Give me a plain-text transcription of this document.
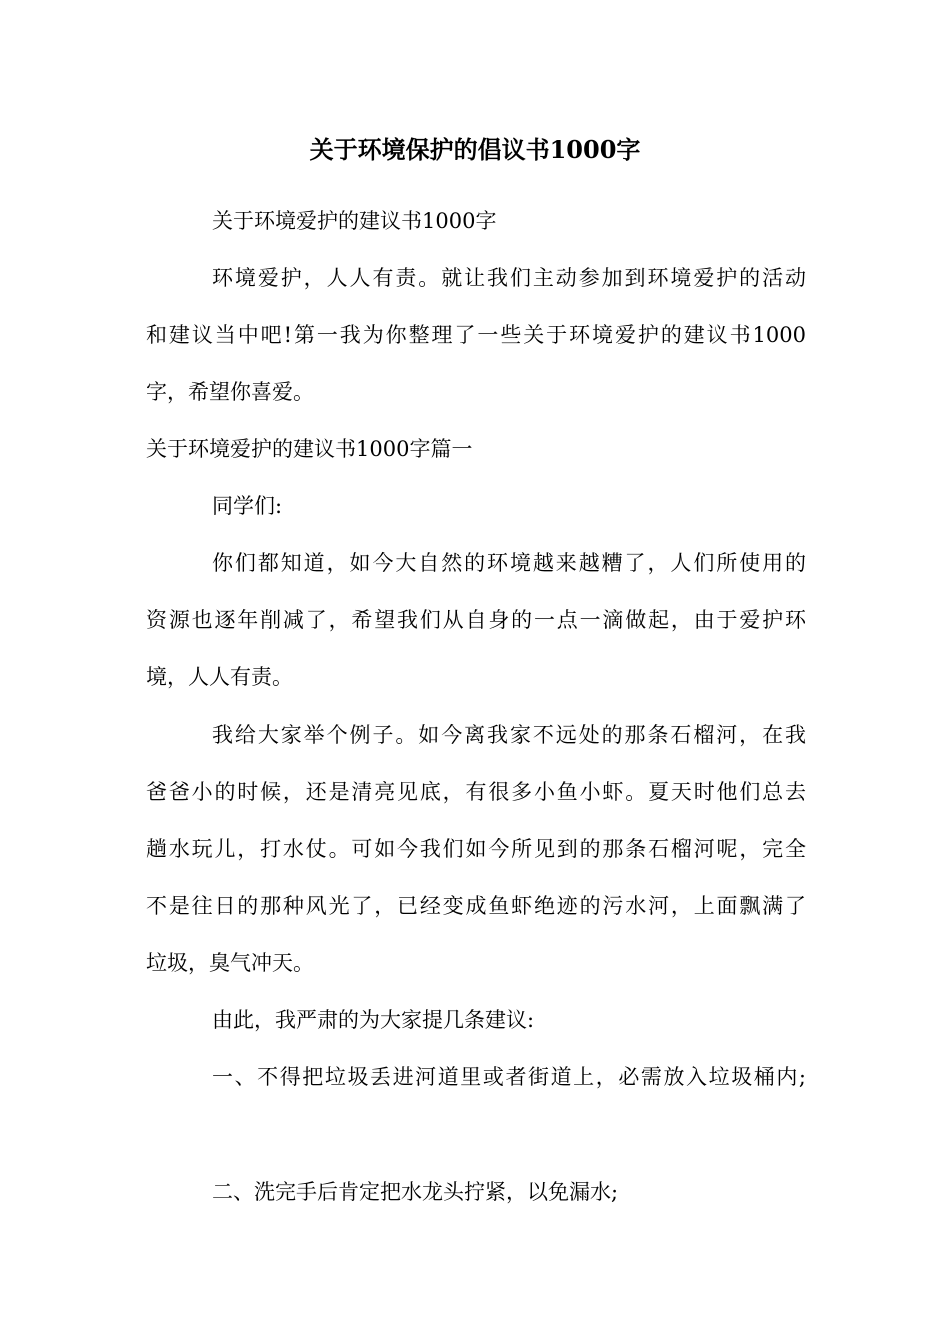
关于环境保护的倡议书1000字
关于环境爱护的建议书1000字
环境爱护，人人有责。就让我们主动参加到环境爱护的活动
和建议当中吧!第一我为你整理了一些关于环境爱护的建议书1000
字，希望你喜爱。
关于环境爱护的建议书1000字篇一
同学们:
你们都知道，如今大自然的环境越来越糟了，人们所使用的
资源也逐年削减了，希望我们从自身的一点一滴做起，由于爱护环
境，人人有责。
我给大家举个例子。如今离我家不远处的那条石榴河，在我
爸爸小的时候，还是清亮见底，有很多小鱼小虾。夏天时他们总去
趟水玩儿，打水仗。可如今我们如今所见到的那条石榴河呢，完全
不是往日的那种风光了，已经变成鱼虾绝迹的污水河，上面飘满了
垃圾，臭气冲天。
由此，我严肃的为大家提几条建议:
一、不得把垃圾丢进河道里或者街道上，必需放入垃圾桶内;
二、洗完手后肯定把水龙头拧紧，以免漏水;
